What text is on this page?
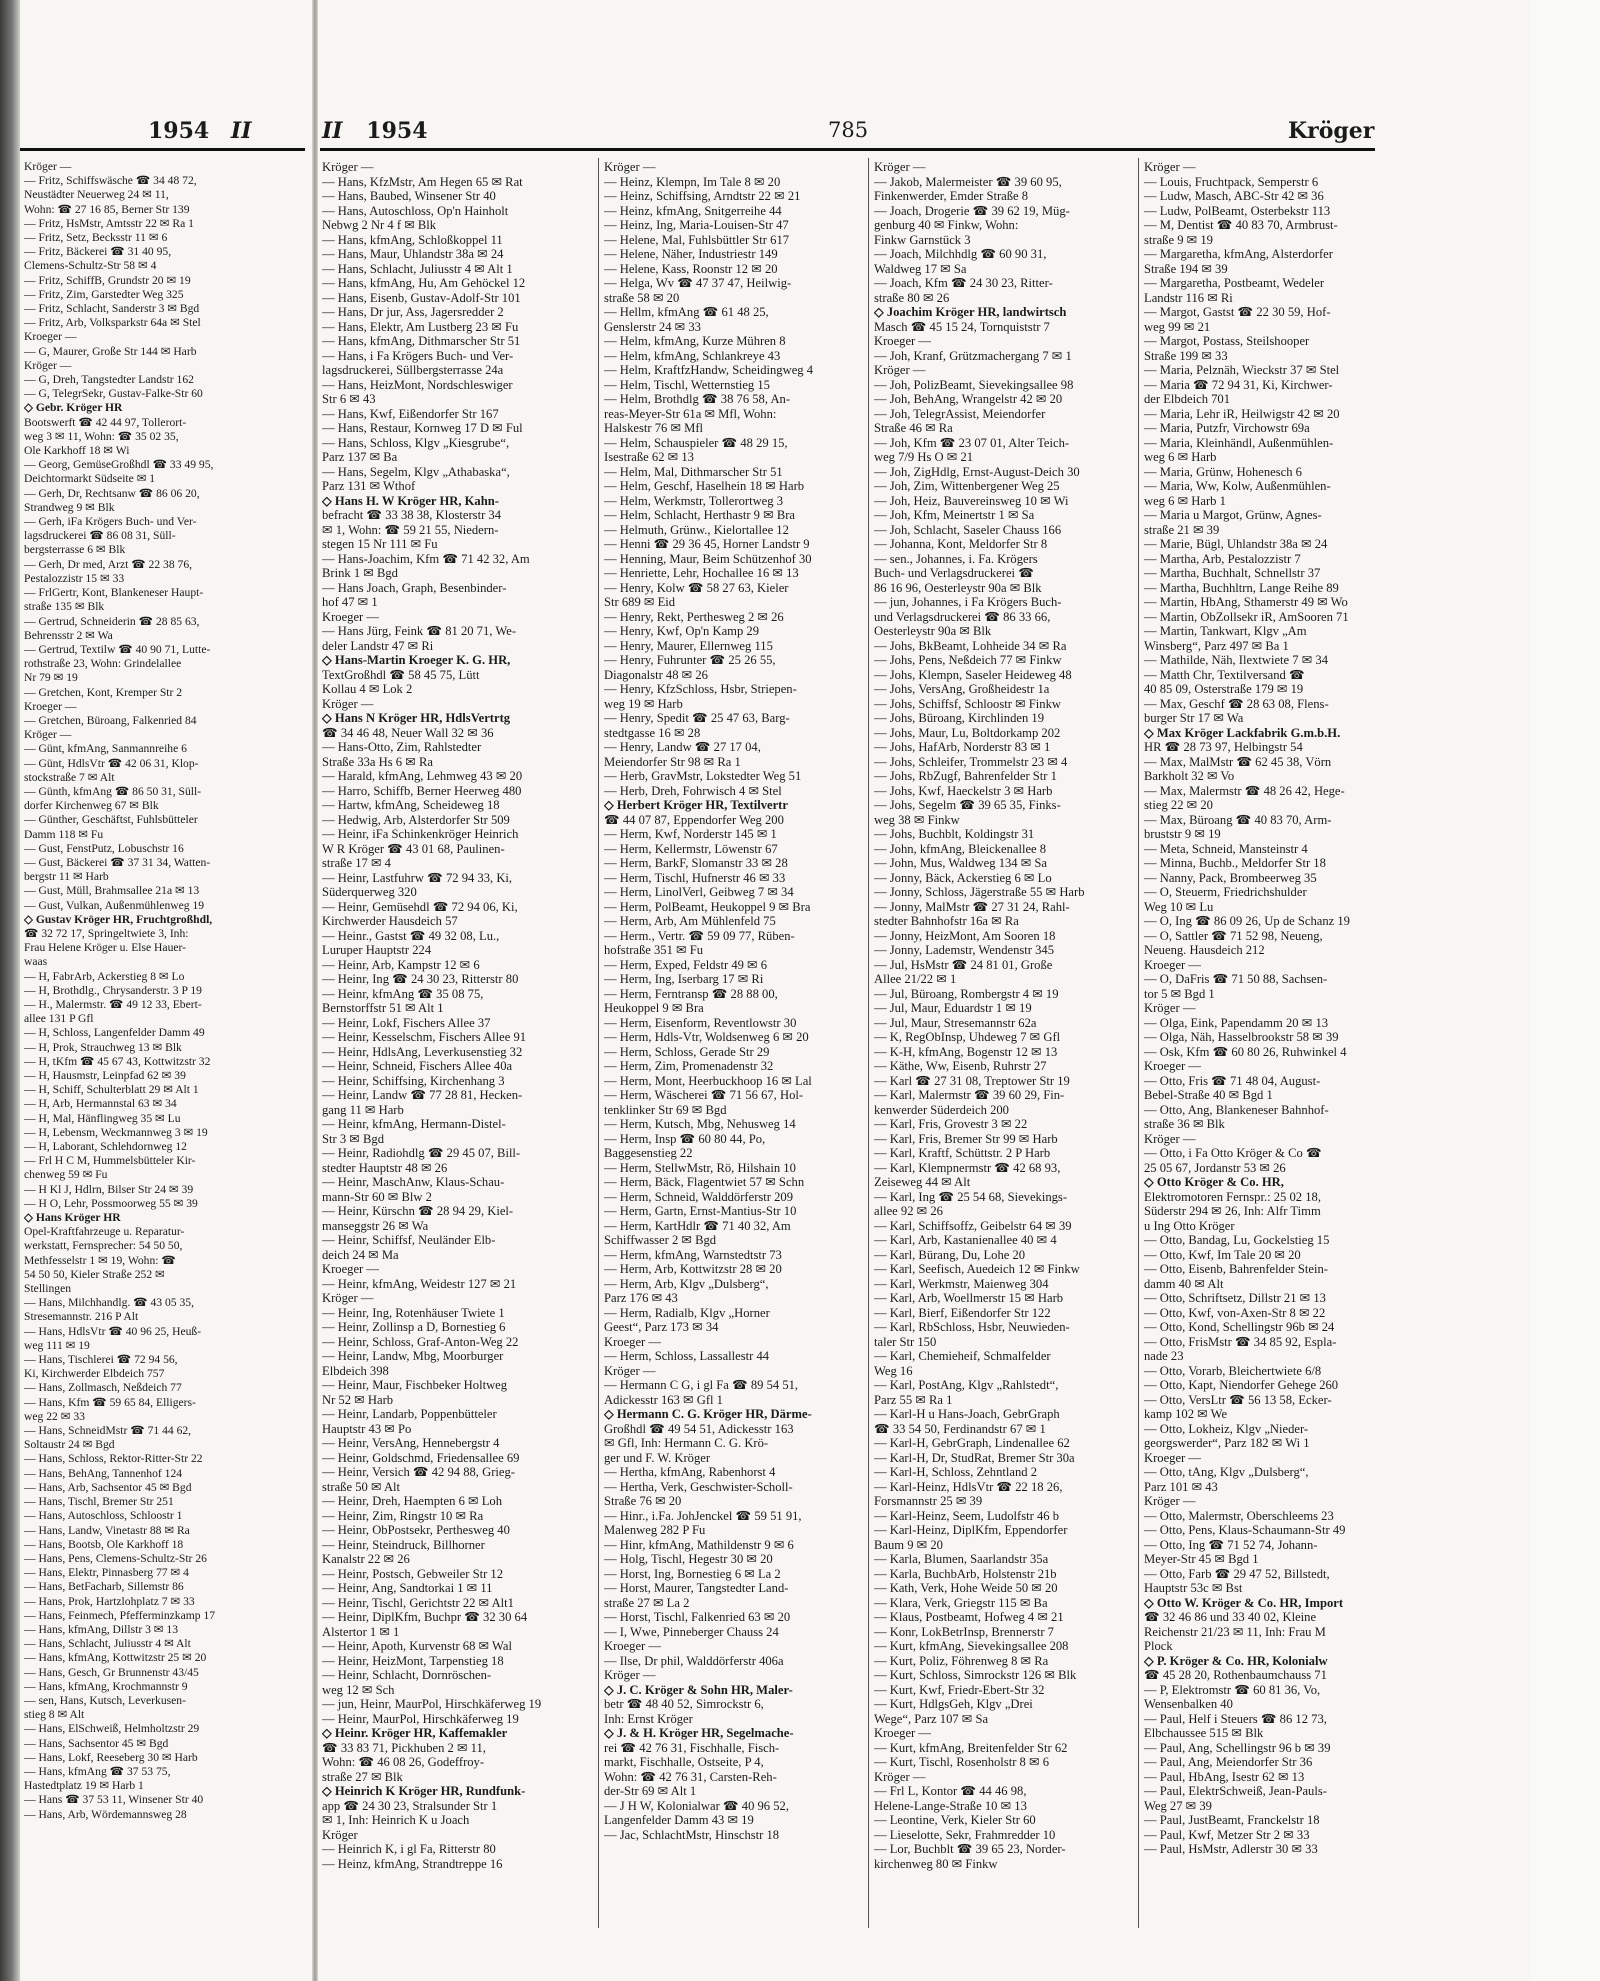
1954 II
Kröger —
— Fritz, Schiffswäsche ☎ 34 48 72,
Neustädter Neuerweg 24 ✉ 11,
Wohn: ☎ 27 16 85, Berner Str 139
— Fritz, HsMstr, Amtsstr 22 ✉ Ra 1
— Fritz, Setz, Becksstr 11 ✉ 6
— Fritz, Bäckerei ☎ 31 40 95,
Clemens-Schultz-Str 58 ✉ 4
— Fritz, SchiffB, Grundstr 20 ✉ 19
— Fritz, Zim, Garstedter Weg 325
— Fritz, Schlacht, Sanderstr 3 ✉ Bgd
— Fritz, Arb, Volksparkstr 64a ✉ Stel
Kroeger —
— G, Maurer, Große Str 144 ✉ Harb
Kröger —
— G, Dreh, Tangstedter Landstr 162
— G, TelegrSekr, Gustav-Falke-Str 60
◇ Gebr. Kröger HR
Bootswerft ☎ 42 44 97, Tollerort-
weg 3 ✉ 11, Wohn: ☎ 35 02 35,
Ole Karkhoff 18 ✉ Wi
— Georg, GemüseGroßhdl ☎ 33 49 95,
Deichtormarkt Südseite ✉ 1
— Gerh, Dr, Rechtsanw ☎ 86 06 20,
Strandweg 9 ✉ Blk
— Gerh, iFa Krögers Buch- und Ver-
lagsdruckerei ☎ 86 08 31, Süll-
bergsterrasse 6 ✉ Blk
— Gerh, Dr med, Arzt ☎ 22 38 76,
Pestalozzistr 15 ✉ 33
— FrlGertr, Kont, Blankeneser Haupt-
straße 135 ✉ Blk
— Gertrud, Schneiderin ☎ 28 85 63,
Behrensstr 2 ✉ Wa
— Gertrud, Textilw ☎ 40 90 71, Lutte-
rothstraße 23, Wohn: Grindelallee
Nr 79 ✉ 19
— Gretchen, Kont, Kremper Str 2
Kroeger —
— Gretchen, Büroang, Falkenried 84
Kröger —
— Günt, kfmAng, Sanmannreihe 6
— Günt, HdlsVtr ☎ 42 06 31, Klop-
stockstraße 7 ✉ Alt
— Günth, kfmAng ☎ 86 50 31, Süll-
dorfer Kirchenweg 67 ✉ Blk
— Günther, Geschäftst, Fuhlsbütteler
Damm 118 ✉ Fu
— Gust, FenstPutz, Lobuschstr 16
— Gust, Bäckerei ☎ 37 31 34, Watten-
bergstr 11 ✉ Harb
— Gust, Müll, Brahmsallee 21a ✉ 13
— Gust, Vulkan, Außenmühlenweg 19
◇ Gustav Kröger HR, Fruchtgroßhdl,
☎ 32 72 17, Springeltwiete 3, Inh:
Frau Helene Kröger u. Else Hauer-
waas
— H, FabrArb, Ackerstieg 8 ✉ Lo
— H, Brothdlg., Chrysanderstr. 3 P 19
— H., Malermstr. ☎ 49 12 33, Ebert-
allee 131 P Gfl
— H, Schloss, Langenfelder Damm 49
— H, Prok, Strauchweg 13 ✉ Blk
— H, tKfm ☎ 45 67 43, Kottwitzstr 32
— H, Hausmstr, Leinpfad 62 ✉ 39
— H, Schiff, Schulterblatt 29 ✉ Alt 1
— H, Arb, Hermannstal 63 ✉ 34
— H, Mal, Hänflingweg 35 ✉ Lu
— H, Lebensm, Weckmannweg 3 ✉ 19
— H, Laborant, Schlehdornweg 12
— Frl H C M, Hummelsbütteler Kir-
chenweg 59 ✉ Fu
— H Kl J, Hdlrn, Bilser Str 24 ✉ 39
— H O, Lehr, Possmoorweg 55 ✉ 39
◇ Hans Kröger HR
Opel-Kraftfahrzeuge u. Reparatur-
werkstatt, Fernsprecher: 54 50 50,
Methfesselstr 1 ✉ 19, Wohn: ☎
54 50 50, Kieler Straße 252 ✉
Stellingen
— Hans, Milchhandlg. ☎ 43 05 35,
Stresemannstr. 216 P Alt
— Hans, HdlsVtr ☎ 40 96 25, Heuß-
weg 111 ✉ 19
— Hans, Tischlerei ☎ 72 94 56,
Ki, Kirchwerder Elbdeich 757
— Hans, Zollmasch, Neßdeich 77
— Hans, Kfm ☎ 59 65 84, Elligers-
weg 22 ✉ 33
— Hans, SchneidMstr ☎ 71 44 62,
Soltaustr 24 ✉ Bgd
— Hans, Schloss, Rektor-Ritter-Str 22
— Hans, BehAng, Tannenhof 124
— Hans, Arb, Sachsentor 45 ✉ Bgd
— Hans, Tischl, Bremer Str 251
— Hans, Autoschloss, Schloostr 1
— Hans, Landw, Vinetastr 88 ✉ Ra
— Hans, Bootsb, Ole Karkhoff 18
— Hans, Pens, Clemens-Schultz-Str 26
— Hans, Elektr, Pinnasberg 77 ✉ 4
— Hans, BetFacharb, Sillemstr 86
— Hans, Prok, Hartzlohplatz 7 ✉ 33
— Hans, Feinmech, Pfefferminzkamp 17
— Hans, kfmAng, Dillstr 3 ✉ 13
— Hans, Schlacht, Juliusstr 4 ✉ Alt
— Hans, kfmAng, Kottwitzstr 25 ✉ 20
— Hans, Gesch, Gr Brunnenstr 43/45
— Hans, kfmAng, Krochmannstr 9
— sen, Hans, Kutsch, Leverkusen-
stieg 8 ✉ Alt
— Hans, ElSchweiß, Helmholtzstr 29
— Hans, Sachsentor 45 ✉ Bgd
— Hans, Lokf, Reeseberg 30 ✉ Harb
— Hans, kfmAng ☎ 37 53 75,
Hastedtplatz 19 ✉ Harb 1
— Hans ☎ 37 53 11, Winsener Str 40
— Hans, Arb, Wördemannsweg 28
II 1954	785	Kröger
Kröger —
— Hans, KfzMstr, Am Hegen 65 ✉ Rat
— Hans, Baubed, Winsener Str 40
— Hans, Autoschloss, Op'n Hainholt
Nebwg 2 Nr 4 f ✉ Blk
— Hans, kfmAng, Schloßkoppel 11
— Hans, Maur, Uhlandstr 38a ✉ 24
— Hans, Schlacht, Juliusstr 4 ✉ Alt 1
— Hans, kfmAng, Hu, Am Gehöckel 12
— Hans, Eisenb, Gustav-Adolf-Str 101
— Hans, Dr jur, Ass, Jagersredder 2
— Hans, Elektr, Am Lustberg 23 ✉ Fu
— Hans, kfmAng, Dithmarscher Str 51
— Hans, i Fa Krögers Buch- und Ver-
lagsdruckerei, Süllbergsterrasse 24a
— Hans, HeizMont, Nordschleswiger
Str 6 ✉ 43
— Hans, Kwf, Eißendorfer Str 167
— Hans, Restaur, Kornweg 17 D ✉ Ful
— Hans, Schloss, Klgv „Kiesgrube“,
Parz 137 ✉ Ba
— Hans, Segelm, Klgv „Athabaska“,
Parz 131 ✉ Wthof
◇ Hans H. W Kröger HR, Kahn-
befracht ☎ 33 38 38, Klosterstr 34
✉ 1, Wohn: ☎ 59 21 55, Niedern-
stegen 15 Nr 111 ✉ Fu
— Hans-Joachim, Kfm ☎ 71 42 32, Am
Brink 1 ✉ Bgd
— Hans Joach, Graph, Besenbinder-
hof 47 ✉ 1
Kroeger —
— Hans Jürg, Feink ☎ 81 20 71, We-
deler Landstr 47 ✉ Ri
◇ Hans-Martin Kroeger K. G. HR,
TextGroßhdl ☎ 58 45 75, Lütt
Kollau 4 ✉ Lok 2
Kröger —
◇ Hans N Kröger HR, HdlsVertrtg
☎ 34 46 48, Neuer Wall 32 ✉ 36
— Hans-Otto, Zim, Rahlstedter
Straße 33a Hs 6 ✉ Ra
— Harald, kfmAng, Lehmweg 43 ✉ 20
— Harro, Schiffb, Berner Heerweg 480
— Hartw, kfmAng, Scheideweg 18
— Hedwig, Arb, Alsterdorfer Str 509
— Heinr, iFa Schinkenkröger Heinrich
W R Kröger ☎ 43 01 68, Paulinen-
straße 17 ✉ 4
— Heinr, Lastfuhrw ☎ 72 94 33, Ki,
Süderquerweg 320
— Heinr, Gemüsehdl ☎ 72 94 06, Ki,
Kirchwerder Hausdeich 57
— Heinr., Gastst ☎ 49 32 08, Lu.,
Luruper Hauptstr 224
— Heinr, Arb, Kampstr 12 ✉ 6
— Heinr, Ing ☎ 24 30 23, Ritterstr 80
— Heinr, kfmAng ☎ 35 08 75,
Bernstorffstr 51 ✉ Alt 1
— Heinr, Lokf, Fischers Allee 37
— Heinr, Kesselschm, Fischers Allee 91
— Heinr, HdlsAng, Leverkusenstieg 32
— Heinr, Schneid, Fischers Allee 40a
— Heinr, Schiffsing, Kirchenhang 3
— Heinr, Landw ☎ 77 28 81, Hecken-
gang 11 ✉ Harb
— Heinr, kfmAng, Hermann-Distel-
Str 3 ✉ Bgd
— Heinr, Radiohdlg ☎ 29 45 07, Bill-
stedter Hauptstr 48 ✉ 26
— Heinr, MaschAnw, Klaus-Schau-
mann-Str 60 ✉ Blw 2
— Heinr, Kürschn ☎ 28 94 29, Kiel-
manseggstr 26 ✉ Wa
— Heinr, Schiffsf, Neuländer Elb-
deich 24 ✉ Ma
Kroeger —
— Heinr, kfmAng, Weidestr 127 ✉ 21
Kröger —
— Heinr, Ing, Rotenhäuser Twiete 1
— Heinr, Zollinsp a D, Bornestieg 6
— Heinr, Schloss, Graf-Anton-Weg 22
— Heinr, Landw, Mbg, Moorburger
Elbdeich 398
— Heinr, Maur, Fischbeker Holtweg
Nr 52 ✉ Harb
— Heinr, Landarb, Poppenbütteler
Hauptstr 43 ✉ Po
— Heinr, VersAng, Hennebergstr 4
— Heinr, Goldschmd, Friedensallee 69
— Heinr, Versich ☎ 42 94 88, Grieg-
straße 50 ✉ Alt
— Heinr, Dreh, Haempten 6 ✉ Loh
— Heinr, Zim, Ringstr 10 ✉ Ra
— Heinr, ObPostsekr, Perthesweg 40
— Heinr, Steindruck, Billhorner
Kanalstr 22 ✉ 26
— Heinr, Postsch, Gebweiler Str 12
— Heinr, Ang, Sandtorkai 1 ✉ 11
— Heinr, Tischl, Gerichtstr 22 ✉ Alt1
— Heinr, DiplKfm, Buchpr ☎ 32 30 64
Alstertor 1 ✉ 1
— Heinr, Apoth, Kurvenstr 68 ✉ Wal
— Heinr, HeizMont, Tarpenstieg 18
— Heinr, Schlacht, Dornröschen-
weg 12 ✉ Sch
— jun, Heinr, MaurPol, Hirschkäferweg 19
— Heinr, MaurPol, Hirschkäferweg 19
◇ Heinr. Kröger HR, Kaffemakler
☎ 33 83 71, Pickhuben 2 ✉ 11,
Wohn: ☎ 46 08 26, Godeffroy-
straße 27 ✉ Blk
◇ Heinrich K Kröger HR, Rundfunk-
app ☎ 24 30 23, Stralsunder Str 1
✉ 1, Inh: Heinrich K u Joach
Kröger
— Heinrich K, i gl Fa, Ritterstr 80
— Heinz, kfmAng, Strandtreppe 16
Kröger —
— Heinz, Klempn, Im Tale 8 ✉ 20
— Heinz, Schiffsing, Arndtstr 22 ✉ 21
— Heinz, kfmAng, Snitgerreihe 44
— Heinz, Ing, Maria-Louisen-Str 47
— Helene, Mal, Fuhlsbüttler Str 617
— Helene, Näher, Industriestr 149
— Helene, Kass, Roonstr 12 ✉ 20
— Helga, Wv ☎ 47 37 47, Heilwig-
straße 58 ✉ 20
— Hellm, kfmAng ☎ 61 48 25,
Genslerstr 24 ✉ 33
— Helm, kfmAng, Kurze Mühren 8
— Helm, kfmAng, Schlankreye 43
— Helm, KraftfzHandw, Scheidingweg 4
— Helm, Tischl, Wetternstieg 15
— Helm, Brothdlg ☎ 38 76 58, An-
reas-Meyer-Str 61a ✉ Mfl, Wohn:
Halskestr 76 ✉ Mfl
— Helm, Schauspieler ☎ 48 29 15,
Isestraße 62 ✉ 13
— Helm, Mal, Dithmarscher Str 51
— Helm, Geschf, Haselhein 18 ✉ Harb
— Helm, Werkmstr, Tollerortweg 3
— Helm, Schlacht, Herthastr 9 ✉ Bra
— Helmuth, Grünw., Kielortallee 12
— Henni ☎ 29 36 45, Horner Landstr 9
— Henning, Maur, Beim Schützenhof 30
— Henriette, Lehr, Hochallee 16 ✉ 13
— Henry, Kolw ☎ 58 27 63, Kieler
Str 689 ✉ Eid
— Henry, Rekt, Perthesweg 2 ✉ 26
— Henry, Kwf, Op'n Kamp 29
— Henry, Maurer, Ellernweg 115
— Henry, Fuhrunter ☎ 25 26 55,
Diagonalstr 48 ✉ 26
— Henry, KfzSchloss, Hsbr, Striepen-
weg 19 ✉ Harb
— Henry, Spedit ☎ 25 47 63, Barg-
stedtgasse 16 ✉ 28
— Henry, Landw ☎ 27 17 04,
Meiendorfer Str 98 ✉ Ra 1
— Herb, GravMstr, Lokstedter Weg 51
— Herb, Dreh, Fohrwisch 4 ✉ Stel
◇ Herbert Kröger HR, Textilvertr
☎ 44 07 87, Eppendorfer Weg 200
— Herm, Kwf, Norderstr 145 ✉ 1
— Herm, Kellermstr, Löwenstr 67
— Herm, BarkF, Slomanstr 33 ✉ 28
— Herm, Tischl, Hufnerstr 46 ✉ 33
— Herm, LinolVerl, Geibweg 7 ✉ 34
— Herm, PolBeamt, Heukoppel 9 ✉ Bra
— Herm, Arb, Am Mühlenfeld 75
— Herm., Vertr. ☎ 59 09 77, Rüben-
hofstraße 351 ✉ Fu
— Herm, Exped, Feldstr 49 ✉ 6
— Herm, Ing, Iserbarg 17 ✉ Ri
— Herm, Ferntransp ☎ 28 88 00,
Heukoppel 9 ✉ Bra
— Herm, Eisenform, Reventlowstr 30
— Herm, Hdls-Vtr, Woldsenweg 6 ✉ 20
— Herm, Schloss, Gerade Str 29
— Herm, Zim, Promenadenstr 32
— Herm, Mont, Heerbuckhoop 16 ✉ Lal
— Herm, Wäscherei ☎ 71 56 67, Hol-
tenklinker Str 69 ✉ Bgd
— Herm, Kutsch, Mbg, Nehusweg 14
— Herm, Insp ☎ 60 80 44, Po,
Baggesenstieg 22
— Herm, StellwMstr, Rö, Hilshain 10
— Herm, Bäck, Flagentwiet 57 ✉ Schn
— Herm, Schneid, Walddörferstr 209
— Herm, Gartn, Ernst-Mantius-Str 10
— Herm, KartHdlr ☎ 71 40 32, Am
Schiffwasser 2 ✉ Bgd
— Herm, kfmAng, Warnstedtstr 73
— Herm, Arb, Kottwitzstr 28 ✉ 20
— Herm, Arb, Klgv „Dulsberg“,
Parz 176 ✉ 43
— Herm, Radialb, Klgv „Horner
Geest“, Parz 173 ✉ 34
Kroeger —
— Herm, Schloss, Lassallestr 44
Kröger —
— Hermann C G, i gl Fa ☎ 89 54 51,
Adickesstr 163 ✉ Gfl 1
◇ Hermann C. G. Kröger HR, Därme-
Großhdl ☎ 49 54 51, Adickesstr 163
✉ Gfl, Inh: Hermann C. G. Krö-
ger und F. W. Kröger
— Hertha, kfmAng, Rabenhorst 4
— Hertha, Verk, Geschwister-Scholl-
Straße 76 ✉ 20
— Hinr., i.Fa. JohJenckel ☎ 59 51 91,
Malenweg 282 P Fu
— Hinr, kfmAng, Mathildenstr 9 ✉ 6
— Holg, Tischl, Hegestr 30 ✉ 20
— Horst, Ing, Bornestieg 6 ✉ La 2
— Horst, Maurer, Tangstedter Land-
straße 27 ✉ La 2
— Horst, Tischl, Falkenried 63 ✉ 20
— I, Wwe, Pinneberger Chauss 24
Kroeger —
— Ilse, Dr phil, Walddörferstr 406a
Kröger —
◇ J. C. Kröger & Sohn HR, Maler-
betr ☎ 48 40 52, Simrockstr 6,
Inh: Ernst Kröger
◇ J. & H. Kröger HR, Segelmache-
rei ☎ 42 76 31, Fischhalle, Fisch-
markt, Fischhalle, Ostseite, P 4,
Wohn: ☎ 42 76 31, Carsten-Reh-
der-Str 69 ✉ Alt 1
— J H W, Kolonialwar ☎ 40 96 52,
Langenfelder Damm 43 ✉ 19
— Jac, SchlachtMstr, Hinschstr 18
Kröger —
— Jakob, Malermeister ☎ 39 60 95,
Finkenwerder, Emder Straße 8
— Joach, Drogerie ☎ 39 62 19, Müg-
genburg 40 ✉ Finkw, Wohn:
Finkw Garnstück 3
— Joach, Milchhdlg ☎ 60 90 31,
Waldweg 17 ✉ Sa
— Joach, Kfm ☎ 24 30 23, Ritter-
straße 80 ✉ 26
◇ Joachim Kröger HR, landwirtsch
Masch ☎ 45 15 24, Tornquiststr 7
Kroeger —
— Joh, Kranf, Grützmachergang 7 ✉ 1
Kröger —
— Joh, PolizBeamt, Sievekingsallee 98
— Joh, BehAng, Wrangelstr 42 ✉ 20
— Joh, TelegrAssist, Meiendorfer
Straße 46 ✉ Ra
— Joh, Kfm ☎ 23 07 01, Alter Teich-
weg 7/9 Hs O ✉ 21
— Joh, ZigHdlg, Ernst-August-Deich 30
— Joh, Zim, Wittenbergener Weg 25
— Joh, Heiz, Bauvereinsweg 10 ✉ Wi
— Joh, Kfm, Meinertstr 1 ✉ Sa
— Joh, Schlacht, Saseler Chauss 166
— Johanna, Kont, Meldorfer Str 8
— sen., Johannes, i. Fa. Krögers
Buch- und Verlagsdruckerei ☎
86 16 96, Oesterleystr 90a ✉ Blk
— jun, Johannes, i Fa Krögers Buch-
und Verlagsdruckerei ☎ 86 33 66,
Oesterleystr 90a ✉ Blk
— Johs, BkBeamt, Lohheide 34 ✉ Ra
— Johs, Pens, Neßdeich 77 ✉ Finkw
— Johs, Klempn, Saseler Heideweg 48
— Johs, VersAng, Großheidestr 1a
— Johs, Schiffsf, Schloostr ✉ Finkw
— Johs, Büroang, Kirchlinden 19
— Johs, Maur, Lu, Boltdorkamp 202
— Johs, HafArb, Norderstr 83 ✉ 1
— Johs, Schleifer, Trommelstr 23 ✉ 4
— Johs, RbZugf, Bahrenfelder Str 1
— Johs, Kwf, Haeckelstr 3 ✉ Harb
— Johs, Segelm ☎ 39 65 35, Finks-
weg 38 ✉ Finkw
— Johs, Buchblt, Koldingstr 31
— John, kfmAng, Bleickenallee 8
— John, Mus, Waldweg 134 ✉ Sa
— Jonny, Bäck, Ackerstieg 6 ✉ Lo
— Jonny, Schloss, Jägerstraße 55 ✉ Harb
— Jonny, MalMstr ☎ 27 31 24, Rahl-
stedter Bahnhofstr 16a ✉ Ra
— Jonny, HeizMont, Am Sooren 18
— Jonny, Lademstr, Wendenstr 345
— Jul, HsMstr ☎ 24 81 01, Große
Allee 21/22 ✉ 1
— Jul, Büroang, Rombergstr 4 ✉ 19
— Jul, Maur, Eduardstr 1 ✉ 19
— Jul, Maur, Stresemannstr 62a
— K, RegObInsp, Uhdeweg 7 ✉ Gfl
— K-H, kfmAng, Bogenstr 12 ✉ 13
— Käthe, Ww, Eisenb, Ruhrstr 27
— Karl ☎ 27 31 08, Treptower Str 19
— Karl, Malermstr ☎ 39 60 29, Fin-
kenwerder Süderdeich 200
— Karl, Fris, Grovestr 3 ✉ 22
— Karl, Fris, Bremer Str 99 ✉ Harb
— Karl, Kraftf, Schüttstr. 2 P Harb
— Karl, Klempnermstr ☎ 42 68 93,
Zeiseweg 44 ✉ Alt
— Karl, Ing ☎ 25 54 68, Sievekings-
allee 92 ✉ 26
— Karl, Schiffsoffz, Geibelstr 64 ✉ 39
— Karl, Arb, Kastanienallee 40 ✉ 4
— Karl, Bürang, Du, Lohe 20
— Karl, Seefisch, Auedeich 12 ✉ Finkw
— Karl, Werkmstr, Maienweg 304
— Karl, Arb, Woellmerstr 15 ✉ Harb
— Karl, Bierf, Eißendorfer Str 122
— Karl, RbSchloss, Hsbr, Neuwieden-
taler Str 150
— Karl, Chemieheif, Schmalfelder
Weg 16
— Karl, PostAng, Klgv „Rahlstedt“,
Parz 55 ✉ Ra 1
— Karl-H u Hans-Joach, GebrGraph
☎ 33 54 50, Ferdinandstr 67 ✉ 1
— Karl-H, GebrGraph, Lindenallee 62
— Karl-H, Dr, StudRat, Bremer Str 30a
— Karl-H, Schloss, Zehntland 2
— Karl-Heinz, HdlsVtr ☎ 22 18 26,
Forsmannstr 25 ✉ 39
— Karl-Heinz, Seem, Ludolfstr 46 b
— Karl-Heinz, DiplKfm, Eppendorfer
Baum 9 ✉ 20
— Karla, Blumen, Saarlandstr 35a
— Karla, BuchbArb, Holstenstr 21b
— Kath, Verk, Hohe Weide 50 ✉ 20
— Klara, Verk, Griegstr 115 ✉ Ba
— Klaus, Postbeamt, Hofweg 4 ✉ 21
— Konr, LokBetrInsp, Brennerstr 7
— Kurt, kfmAng, Sievekingsallee 208
— Kurt, Poliz, Föhrenweg 8 ✉ Ra
— Kurt, Schloss, Simrockstr 126 ✉ Blk
— Kurt, Kwf, Friedr-Ebert-Str 32
— Kurt, HdlgsGeh, Klgv „Drei
Wege“, Parz 107 ✉ Sa
Kroeger —
— Kurt, kfmAng, Breitenfelder Str 62
— Kurt, Tischl, Rosenholstr 8 ✉ 6
Kröger —
— Frl L, Kontor ☎ 44 46 98,
Helene-Lange-Straße 10 ✉ 13
— Leontine, Verk, Kieler Str 60
— Lieselotte, Sekr, Frahmredder 10
— Lor, Buchblt ☎ 39 65 23, Norder-
kirchenweg 80 ✉ Finkw
Kröger —
— Louis, Fruchtpack, Semperstr 6
— Ludw, Masch, ABC-Str 42 ✉ 36
— Ludw, PolBeamt, Osterbekstr 113
— M, Dentist ☎ 40 83 70, Armbrust-
straße 9 ✉ 19
— Margaretha, kfmAng, Alsterdorfer
Straße 194 ✉ 39
— Margaretha, Postbeamt, Wedeler
Landstr 116 ✉ Ri
— Margot, Gastst ☎ 22 30 59, Hof-
weg 99 ✉ 21
— Margot, Postass, Steilshooper
Straße 199 ✉ 33
— Maria, Pelznäh, Wieckstr 37 ✉ Stel
— Maria ☎ 72 94 31, Ki, Kirchwer-
der Elbdeich 701
— Maria, Lehr iR, Heilwigstr 42 ✉ 20
— Maria, Putzfr, Virchowstr 69a
— Maria, Kleinhändl, Außenmühlen-
weg 6 ✉ Harb
— Maria, Grünw, Hohenesch 6
— Maria, Ww, Kolw, Außenmühlen-
weg 6 ✉ Harb 1
— Maria u Margot, Grünw, Agnes-
straße 21 ✉ 39
— Marie, Bügl, Uhlandstr 38a ✉ 24
— Martha, Arb, Pestalozzistr 7
— Martha, Buchhalt, Schnellstr 37
— Martha, Buchhltrn, Lange Reihe 89
— Martin, HbAng, Sthamerstr 49 ✉ Wo
— Martin, ObZollsekr iR, AmSooren 71
— Martin, Tankwart, Klgv „Am
Winsberg“, Parz 497 ✉ Ba 1
— Mathilde, Näh, Ilextwiete 7 ✉ 34
— Matth Chr, Textilversand ☎
40 85 09, Osterstraße 179 ✉ 19
— Max, Geschf ☎ 28 63 08, Flens-
burger Str 17 ✉ Wa
◇ Max Kröger Lackfabrik G.m.b.H.
HR ☎ 28 73 97, Helbingstr 54
— Max, MalMstr ☎ 62 45 38, Vörn
Barkholt 32 ✉ Vo
— Max, Malermstr ☎ 48 26 42, Hege-
stieg 22 ✉ 20
— Max, Büroang ☎ 40 83 70, Arm-
bruststr 9 ✉ 19
— Meta, Schneid, Mansteinstr 4
— Minna, Buchb., Meldorfer Str 18
— Nanny, Pack, Brombeerweg 35
— O, Steuerm, Friedrichshulder
Weg 10 ✉ Lu
— O, Ing ☎ 86 09 26, Up de Schanz 19
— O, Sattler ☎ 71 52 98, Neueng,
Neueng. Hausdeich 212
Kroeger —
— O, DaFris ☎ 71 50 88, Sachsen-
tor 5 ✉ Bgd 1
Kröger —
— Olga, Eink, Papendamm 20 ✉ 13
— Olga, Näh, Hasselbrookstr 58 ✉ 39
— Osk, Kfm ☎ 60 80 26, Ruhwinkel 4
Kroeger —
— Otto, Fris ☎ 71 48 04, August-
Bebel-Straße 40 ✉ Bgd 1
— Otto, Ang, Blankeneser Bahnhof-
straße 36 ✉ Blk
Kröger —
— Otto, i Fa Otto Kröger & Co ☎
25 05 67, Jordanstr 53 ✉ 26
◇ Otto Kröger & Co. HR,
Elektromotoren Fernspr.: 25 02 18,
Süderstr 294 ✉ 26, Inh: Alfr Timm
u Ing Otto Kröger
— Otto, Bandag, Lu, Gockelstieg 15
— Otto, Kwf, Im Tale 20 ✉ 20
— Otto, Eisenb, Bahrenfelder Stein-
damm 40 ✉ Alt
— Otto, Schriftsetz, Dillstr 21 ✉ 13
— Otto, Kwf, von-Axen-Str 8 ✉ 22
— Otto, Kond, Schellingstr 96b ✉ 24
— Otto, FrisMstr ☎ 34 85 92, Espla-
nade 23
— Otto, Vorarb, Bleichertwiete 6/8
— Otto, Kapt, Niendorfer Gehege 260
— Otto, VersLtr ☎ 56 13 58, Ecker-
kamp 102 ✉ We
— Otto, Lokheiz, Klgv „Nieder-
georgswerder“, Parz 182 ✉ Wi 1
Kroeger —
— Otto, tAng, Klgv „Dulsberg“,
Parz 101 ✉ 43
Kröger —
— Otto, Malermstr, Oberschleems 23
— Otto, Pens, Klaus-Schaumann-Str 49
— Otto, Ing ☎ 71 52 74, Johann-
Meyer-Str 45 ✉ Bgd 1
— Otto, Farb ☎ 29 47 52, Billstedt,
Hauptstr 53c ✉ Bst
◇ Otto W. Kröger & Co. HR, Import
☎ 32 46 86 und 33 40 02, Kleine
Reichenstr 21/23 ✉ 11, Inh: Frau M
Plock
◇ P. Kröger & Co. HR, Kolonialw
☎ 45 28 20, Rothenbaumchauss 71
— P, Elektromstr ☎ 60 81 36, Vo,
Wensenbalken 40
— Paul, Helf i Steuers ☎ 86 12 73,
Elbchaussee 515 ✉ Blk
— Paul, Ang, Schellingstr 96 b ✉ 39
— Paul, Ang, Meiendorfer Str 36
— Paul, HbAng, Isestr 62 ✉ 13
— Paul, ElektrSchweiß, Jean-Pauls-
Weg 27 ✉ 39
— Paul, JustBeamt, Franckelstr 18
— Paul, Kwf, Metzer Str 2 ✉ 33
— Paul, HsMstr, Adlerstr 30 ✉ 33
